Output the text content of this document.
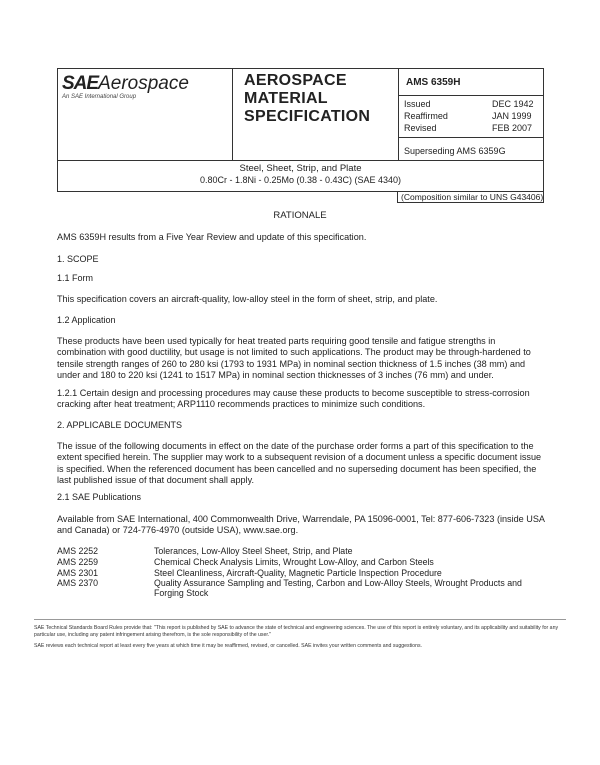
SAEAerospace
An SAE International Group
AEROSPACE
MATERIAL
SPECIFICATION
AMS 6359H
Issued	DEC 1942
Reaffirmed	JAN 1999
Revised	FEB 2007
Superseding AMS 6359G
Steel, Sheet, Strip, and Plate
0.80Cr - 1.8Ni - 0.25Mo (0.38 - 0.43C) (SAE 4340)
(Composition similar to UNS G43406)
RATIONALE
AMS 6359H results from a Five Year Review and update of this specification.
1. SCOPE
1.1 Form
This specification covers an aircraft-quality, low-alloy steel in the form of sheet, strip, and plate.
1.2 Application
These products have been used typically for heat treated parts requiring good tensile and fatigue strengths in combination with good ductility, but usage is not limited to such applications. The product may be through-hardened to tensile strength ranges of 260 to 280 ksi (1793 to 1931 MPa) in nominal section thickness of 1.5 inches (38 mm) and under and 180 to 220 ksi (1241 to 1517 MPa) in nominal section thicknesses of 3 inches (76 mm) and under.
1.2.1 Certain design and processing procedures may cause these products to become susceptible to stress-corrosion cracking after heat treatment; ARP1110 recommends practices to minimize such conditions.
2. APPLICABLE DOCUMENTS
The issue of the following documents in effect on the date of the purchase order forms a part of this specification to the extent specified herein. The supplier may work to a subsequent revision of a document unless a specific document issue is specified. When the referenced document has been cancelled and no superseding document has been specified, the last published issue of that document shall apply.
2.1 SAE Publications
Available from SAE International, 400 Commonwealth Drive, Warrendale, PA 15096-0001, Tel: 877-606-7323 (inside USA and Canada) or 724-776-4970 (outside USA), www.sae.org.
AMS 2252	Tolerances, Low-Alloy Steel Sheet, Strip, and Plate
AMS 2259	Chemical Check Analysis Limits, Wrought Low-Alloy, and Carbon Steels
AMS 2301	Steel Cleanliness, Aircraft-Quality, Magnetic Particle Inspection Procedure
AMS 2370	Quality Assurance Sampling and Testing, Carbon and Low-Alloy Steels, Wrought Products and Forging Stock
SAE Technical Standards Board Rules provide that: "This report is published by SAE to advance the state of technical and engineering sciences. The use of this report is entirely voluntary, and its applicability and suitability for any particular use, including any patent infringement arising therefrom, is the sole responsibility of the user."
SAE reviews each technical report at least every five years at which time it may be reaffirmed, revised, or cancelled. SAE invites your written comments and suggestions.
